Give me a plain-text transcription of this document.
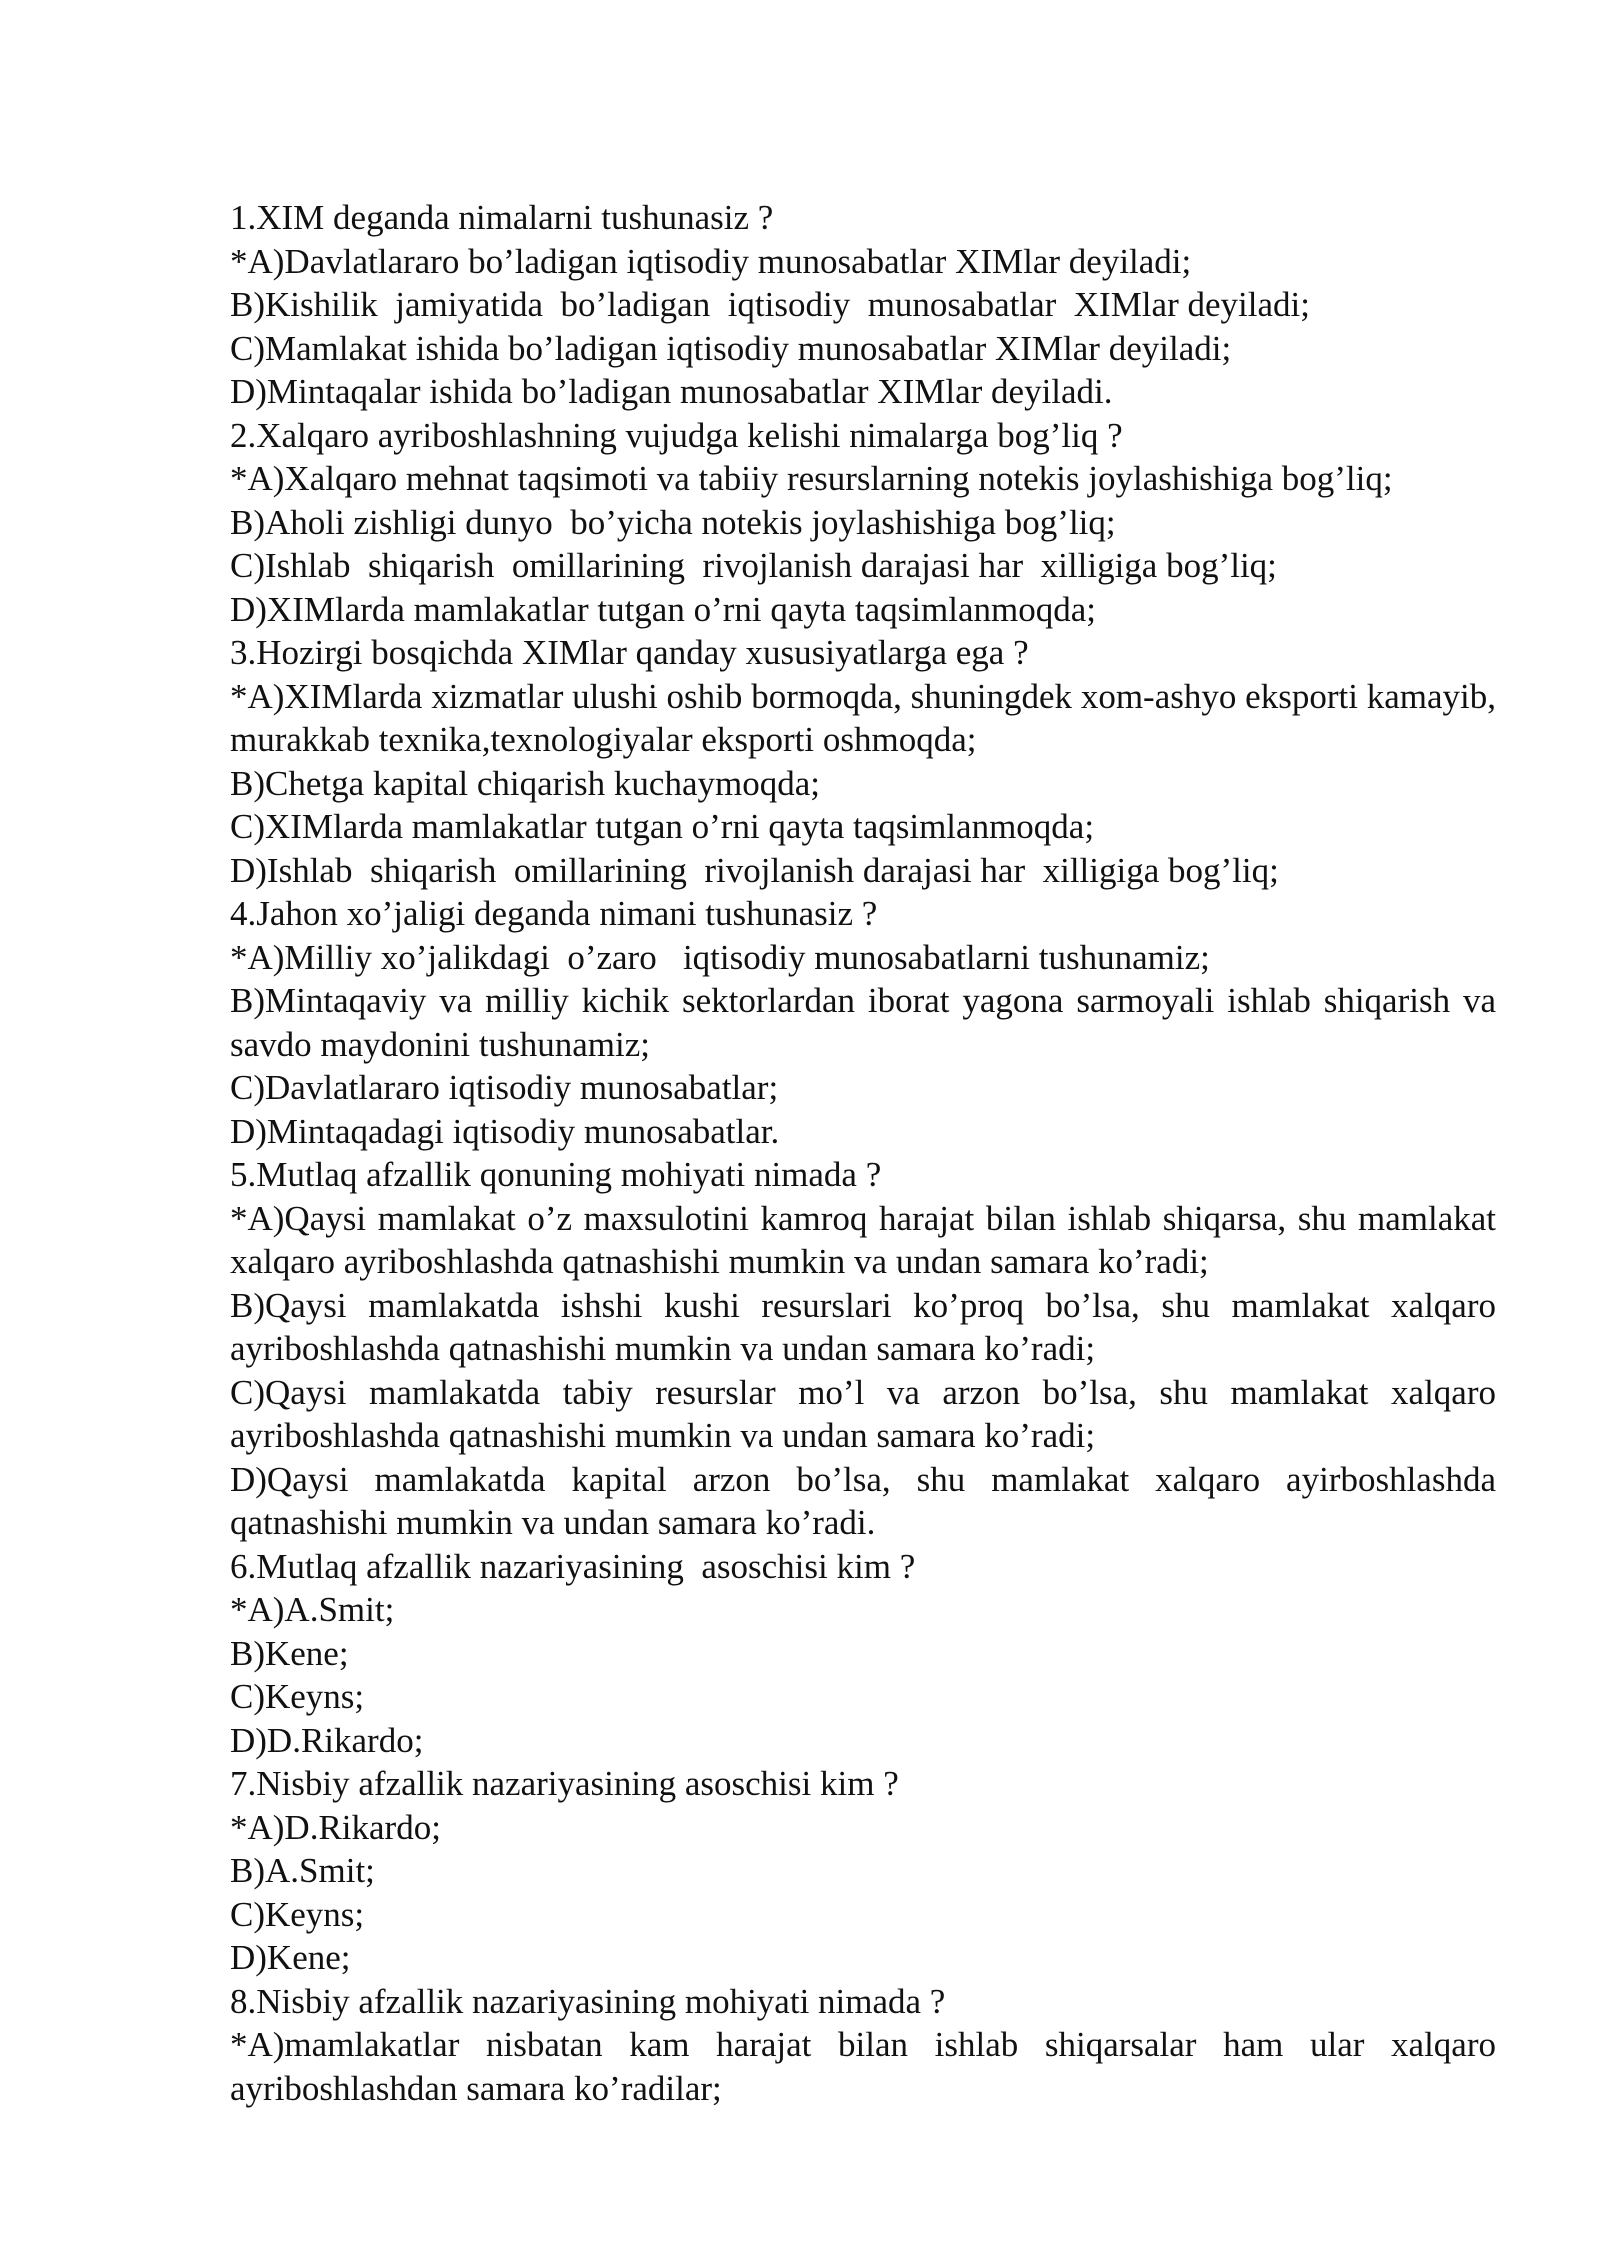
1.XIM deganda nimalarni tushunasiz ?
*A)Davlatlararo bo’ladigan iqtisodiy munosabatlar XIMlar deyiladi;
B)Kishilik  jamiyatida  bo’ladigan  iqtisodiy  munosabatlar  XIMlar deyiladi;
C)Mamlakat ishida bo’ladigan iqtisodiy munosabatlar XIMlar deyiladi;
D)Mintaqalar ishida bo’ladigan munosabatlar XIMlar deyiladi.
2.Xalqaro ayriboshlashning vujudga kelishi nimalarga bog’liq ?
*A)Xalqaro mehnat taqsimoti va tabiiy resurslarning notekis joylashishiga bog’liq;
B)Aholi zishligi dunyo  bo’yicha notekis joylashishiga bog’liq;
C)Ishlab  shiqarish  omillarining  rivojlanish darajasi har  xilligiga bog’liq;
D)XIMlarda mamlakatlar tutgan o’rni qayta taqsimlanmoqda;
3.Hozirgi bosqichda XIMlar qanday xususiyatlarga ega ?
*A)XIMlarda xizmatlar ulushi oshib bormoqda, shuningdek xom-ashyo eksporti kamayib, murakkab texnika,texnologiyalar eksporti oshmoqda;
B)Chetga kapital chiqarish kuchaymoqda;
C)XIMlarda mamlakatlar tutgan o’rni qayta taqsimlanmoqda;
D)Ishlab  shiqarish  omillarining  rivojlanish darajasi har  xilligiga bog’liq;
4.Jahon xo’jaligi deganda nimani tushunasiz ?
*A)Milliy xo’jalikdagi  o’zaro   iqtisodiy munosabatlarni tushunamiz;
B)Mintaqaviy va milliy kichik sektorlardan iborat yagona sarmoyali ishlab shiqarish va savdo maydonini tushunamiz;
C)Davlatlararo iqtisodiy munosabatlar;
D)Mintaqadagi iqtisodiy munosabatlar.
5.Mutlaq afzallik qonuning mohiyati nimada ?
*A)Qaysi mamlakat o’z maxsulotini kamroq harajat bilan ishlab shiqarsa, shu mamlakat xalqaro ayriboshlashda qatnashishi mumkin va undan samara ko’radi;
B)Qaysi mamlakatda ishshi kushi resurslari ko’proq bo’lsa, shu mamlakat xalqaro ayriboshlashda qatnashishi mumkin va undan samara ko’radi;
C)Qaysi mamlakatda tabiy resurslar mo’l va arzon bo’lsa, shu mamlakat xalqaro ayriboshlashda qatnashishi mumkin va undan samara ko’radi;
D)Qaysi mamlakatda kapital arzon bo’lsa, shu mamlakat xalqaro ayirboshlashda qatnashishi mumkin va undan samara ko’radi.
6.Mutlaq afzallik nazariyasining  asoschisi kim ?
*A)A.Smit;
B)Kene;
C)Keyns;
D)D.Rikardo;
7.Nisbiy afzallik nazariyasining asoschisi kim ?
*A)D.Rikardo;
B)A.Smit;
C)Keyns;
D)Kene;
8.Nisbiy afzallik nazariyasining mohiyati nimada ?
*A)mamlakatlar nisbatan kam harajat bilan ishlab shiqarsalar ham ular xalqaro ayriboshlashdan samara ko’radilar;
